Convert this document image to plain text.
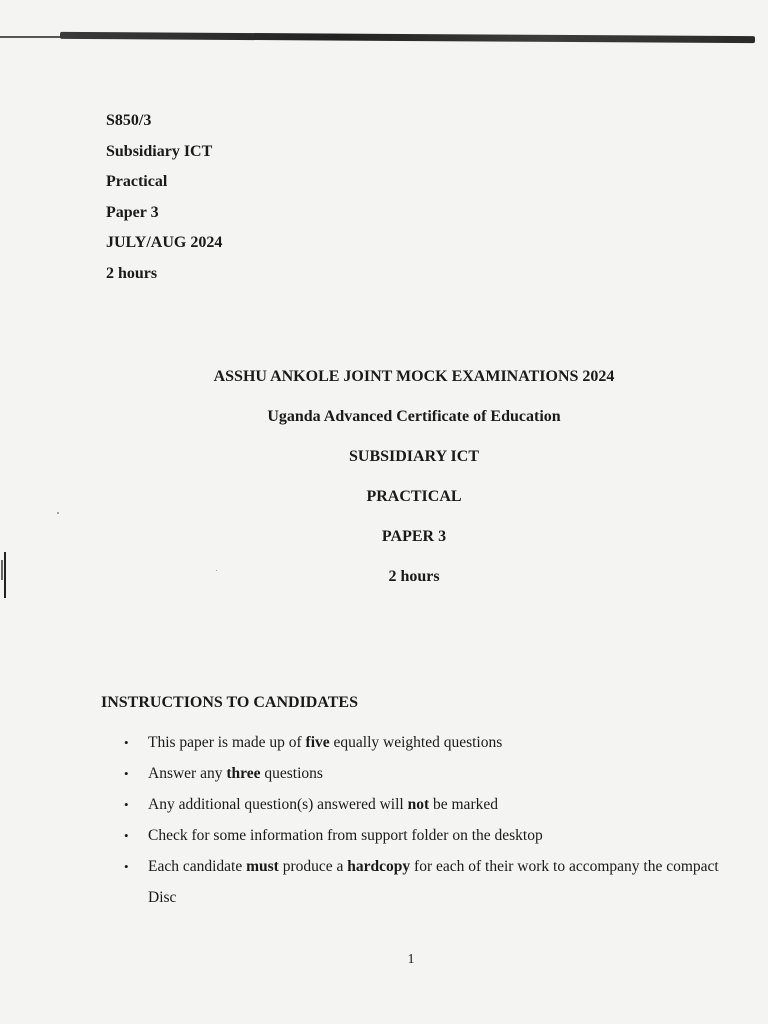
S850/3
Subsidiary ICT
Practical
Paper 3
JULY/AUG 2024
2 hours
ASSHU ANKOLE JOINT MOCK EXAMINATIONS 2024
Uganda Advanced Certificate of Education
SUBSIDIARY ICT
PRACTICAL
PAPER 3
2 hours
INSTRUCTIONS TO CANDIDATES
• This paper is made up of five equally weighted questions
• Answer any three questions
• Any additional question(s) answered will not be marked
• Check for some information from support folder on the desktop
• Each candidate must produce a hardcopy for each of their work to accompany the compact Disc
1
